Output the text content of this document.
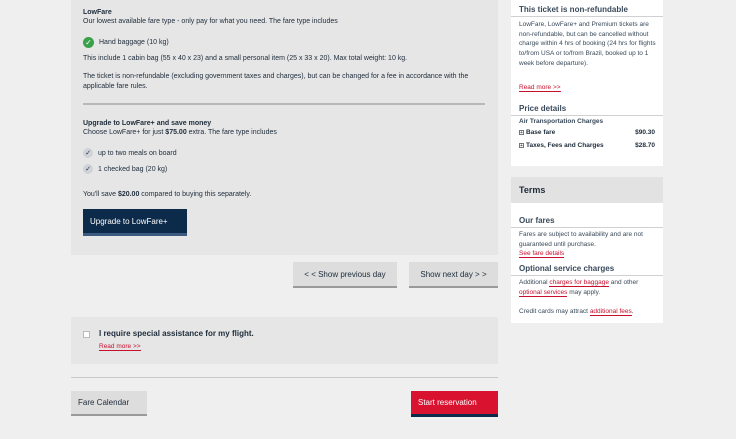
LowFare
Our lowest available fare type - only pay for what you need. The fare type includes
✓	Hand baggage (10 kg)
This include 1 cabin bag (55 x 40 x 23) and a small personal item (25 x 33 x 20). Max total weight: 10 kg.
The ticket is non-refundable (excluding government taxes and charges), but can be changed for a fee in accordance with the applicable fare rules.
Upgrade to LowFare+ and save money
Choose LowFare+ for just $75.00 extra. The fare type includes
✓ up to two meals on board
✓ 1 checked bag (20 kg)
You'll save $20.00 compared to buying this separately.
Upgrade to LowFare+
< < Show previous day	Show next day > >
I require special assistance for my flight.
Read more >>
Fare Calendar	Start reservation
This ticket is non-refundable
LowFare, LowFare+ and Premium tickets are non-refundable, but can be cancelled without charge within 4 hrs of booking (24 hrs for flights to/from USA or to/from Brazil, booked up to 1 week before departure).
Read more >>
Price details
Air Transportation Charges
+ Base fare	$90.30
+ Taxes, Fees and Charges	$28.70
Terms
Our fares
Fares are subject to availability and are not guaranteed until purchase.
See fare details
Optional service charges
Additional charges for baggage and other optional services may apply.
Credit cards may attract additional fees.
